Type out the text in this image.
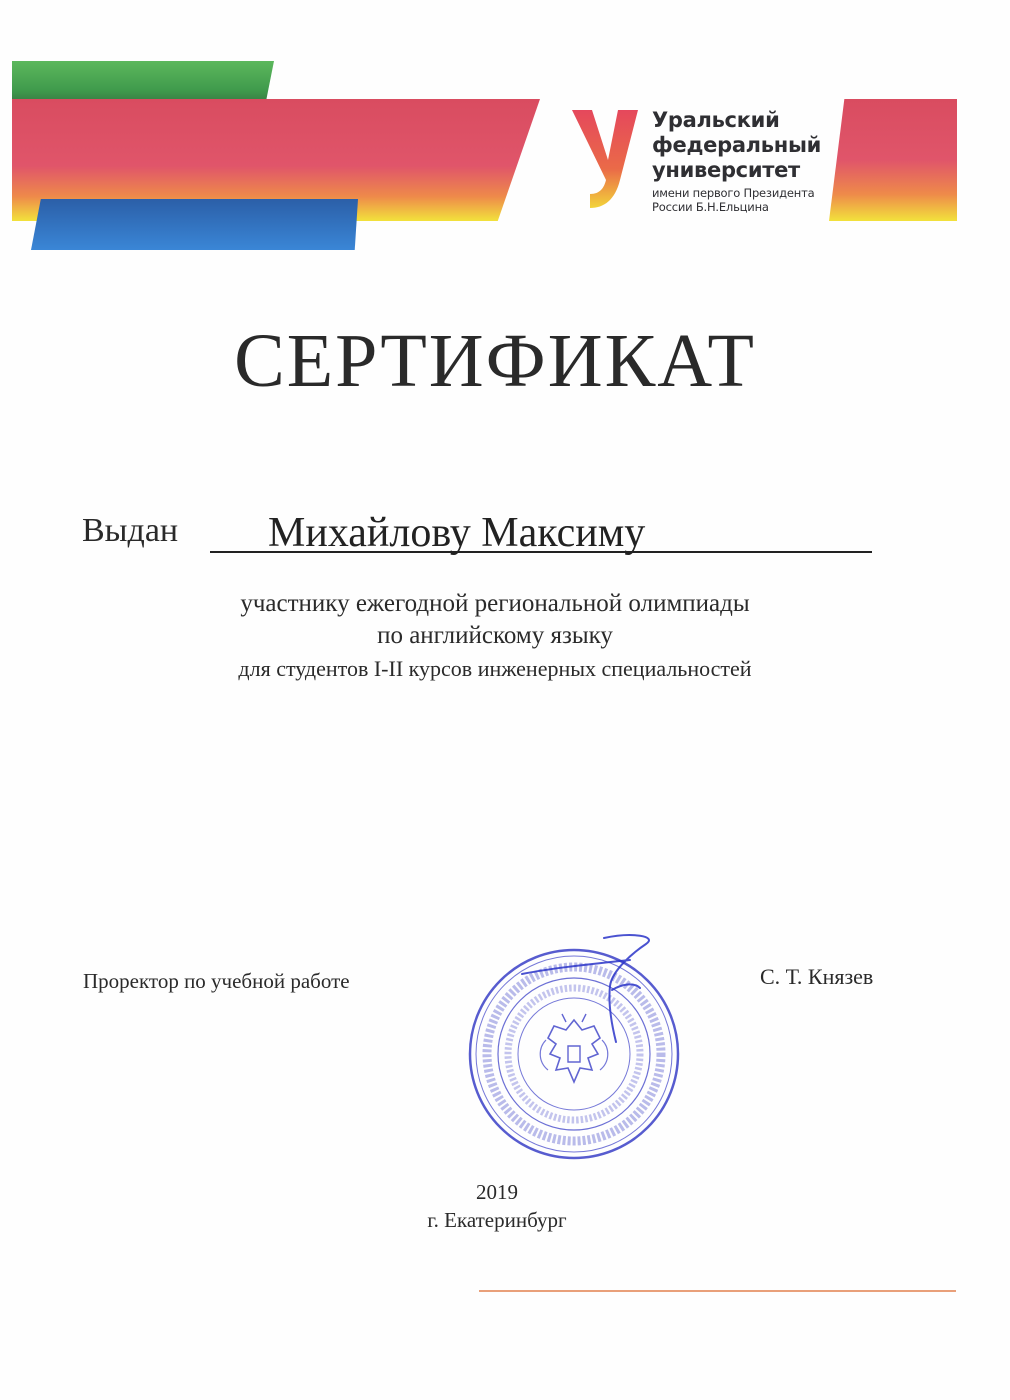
Уральский
федеральный
университет
имени первого Президента
России Б.Н.Ельцина
СЕРТИФИКАТ
Выдан Михайлову Максиму
участнику ежегодной региональной олимпиады
по английскому языку
для студентов I-II курсов инженерных специальностей
Проректор по учебной работе	С. Т. Князев
2019
г. Екатеринбург
